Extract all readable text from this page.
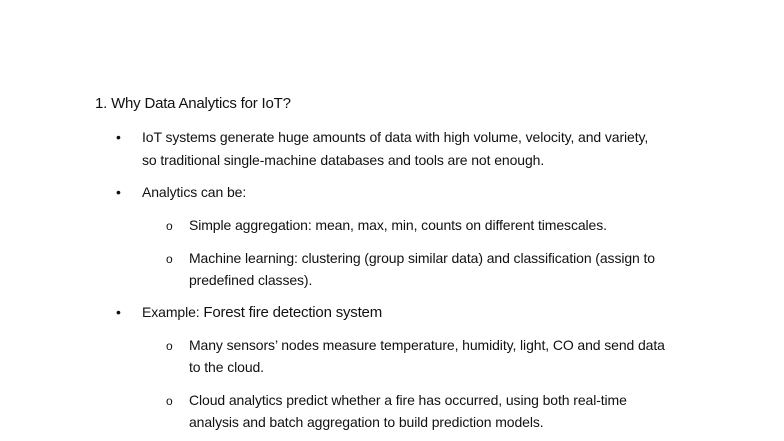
1. Why Data Analytics for IoT?
• IoT systems generate huge amounts of data with high volume, velocity, and variety,
so traditional single-machine databases and tools are not enough.
• Analytics can be:
o Simple aggregation: mean, max, min, counts on different timescales.
o Machine learning: clustering (group similar data) and classification (assign to
predefined classes).
• Example: Forest fire detection system
o Many sensors’ nodes measure temperature, humidity, light, CO and send data
to the cloud.
o Cloud analytics predict whether a fire has occurred, using both real-time
analysis and batch aggregation to build prediction models.
